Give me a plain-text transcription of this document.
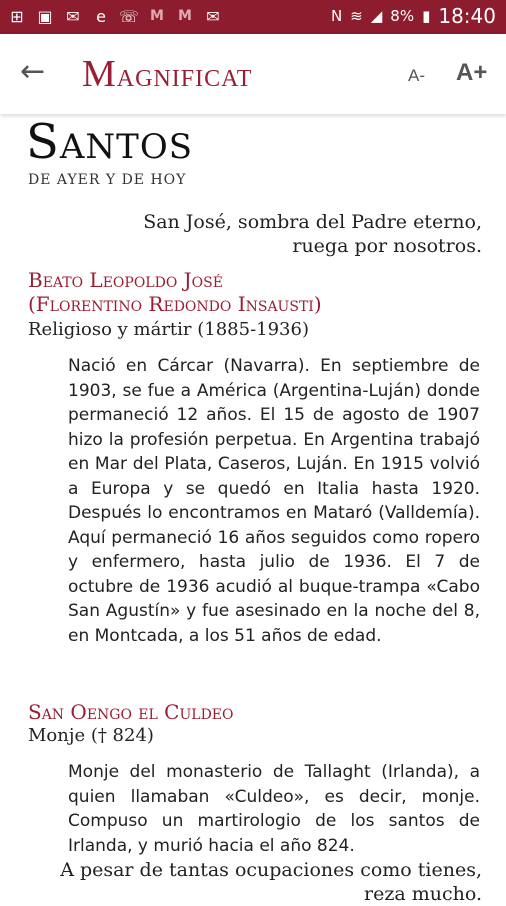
⊞ ▣ ✉	e ☏ M M ✉	N ≋ ◢ 8% ▮ 18:40
← MAGNIFICAT	A- A+
Santos
DE AYER Y DE HOY
San José, sombra del Padre eterno,
ruega por nosotros.
Beato Leopoldo José
(Florentino Redondo Insausti)
Religioso y mártir (1885-1936)

Nació en Cárcar (Navarra). En septiembre de 1903, se fue a América (Argentina-Luján) donde permaneció 12 años. El 15 de agosto de 1907 hizo la profesión perpetua. En Argentina trabajó en Mar del Plata, Caseros, Luján. En 1915 volvió a Europa y se quedó en Italia hasta 1920. Después lo encontramos en Mataró (Valldemía). Aquí permaneció 16 años seguidos como ropero y enfermero, hasta julio de 1936. El 7 de octubre de 1936 acudió al buque-trampa «Cabo San Agustín» y fue asesinado en la noche del 8, en Montcada, a los 51 años de edad.

San Oengo el Culdeo
Monje († 824)

Monje del monasterio de Tallaght (Irlanda), a quien llamaban «Culdeo», es decir, monje. Compuso un martirologio de los santos de Irlanda, y murió hacia el año 824.

A pesar de tantas ocupaciones como tienes,
reza mucho.
